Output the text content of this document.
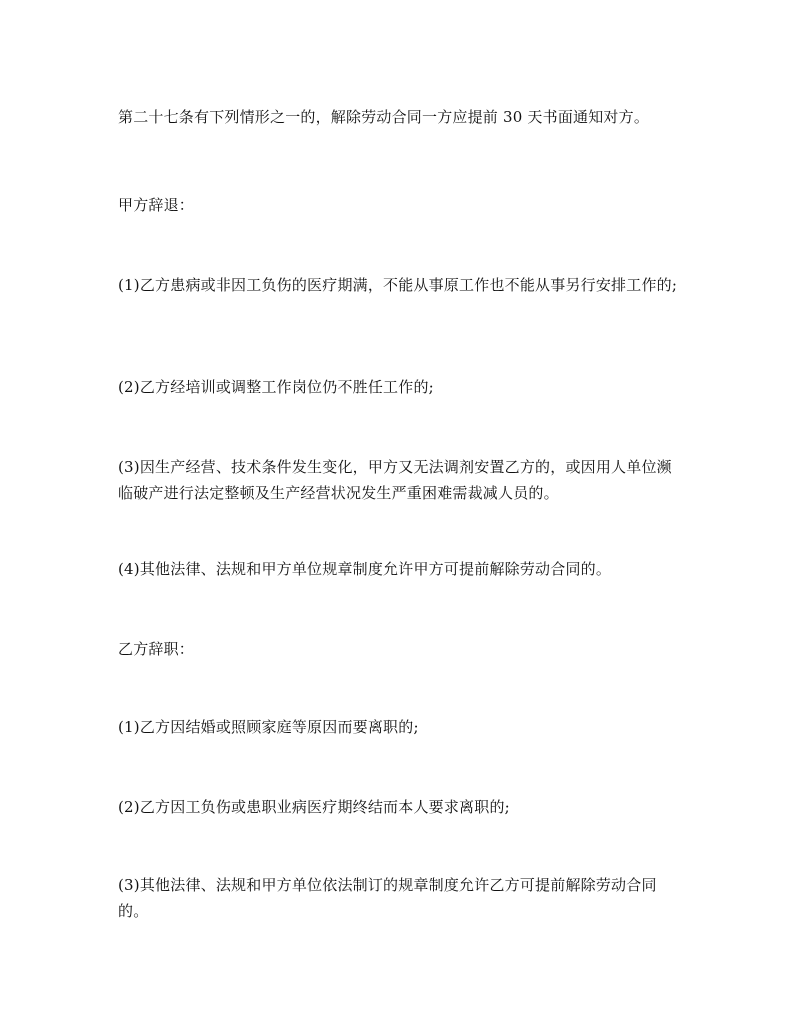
第二十七条有下列情形之一的，解除劳动合同一方应提前 30 天书面通知对方。

甲方辞退：

(1)乙方患病或非因工负伤的医疗期满，不能从事原工作也不能从事另行安排工作的;

(2)乙方经培训或调整工作岗位仍不胜任工作的;

(3)因生产经营、技术条件发生变化，甲方又无法调剂安置乙方的，或因用人单位濒临破产进行法定整顿及生产经营状况发生严重困难需裁减人员的。

(4)其他法律、法规和甲方单位规章制度允许甲方可提前解除劳动合同的。

乙方辞职：

(1)乙方因结婚或照顾家庭等原因而要离职的;

(2)乙方因工负伤或患职业病医疗期终结而本人要求离职的;

(3)其他法律、法规和甲方单位依法制订的规章制度允许乙方可提前解除劳动合同的。
